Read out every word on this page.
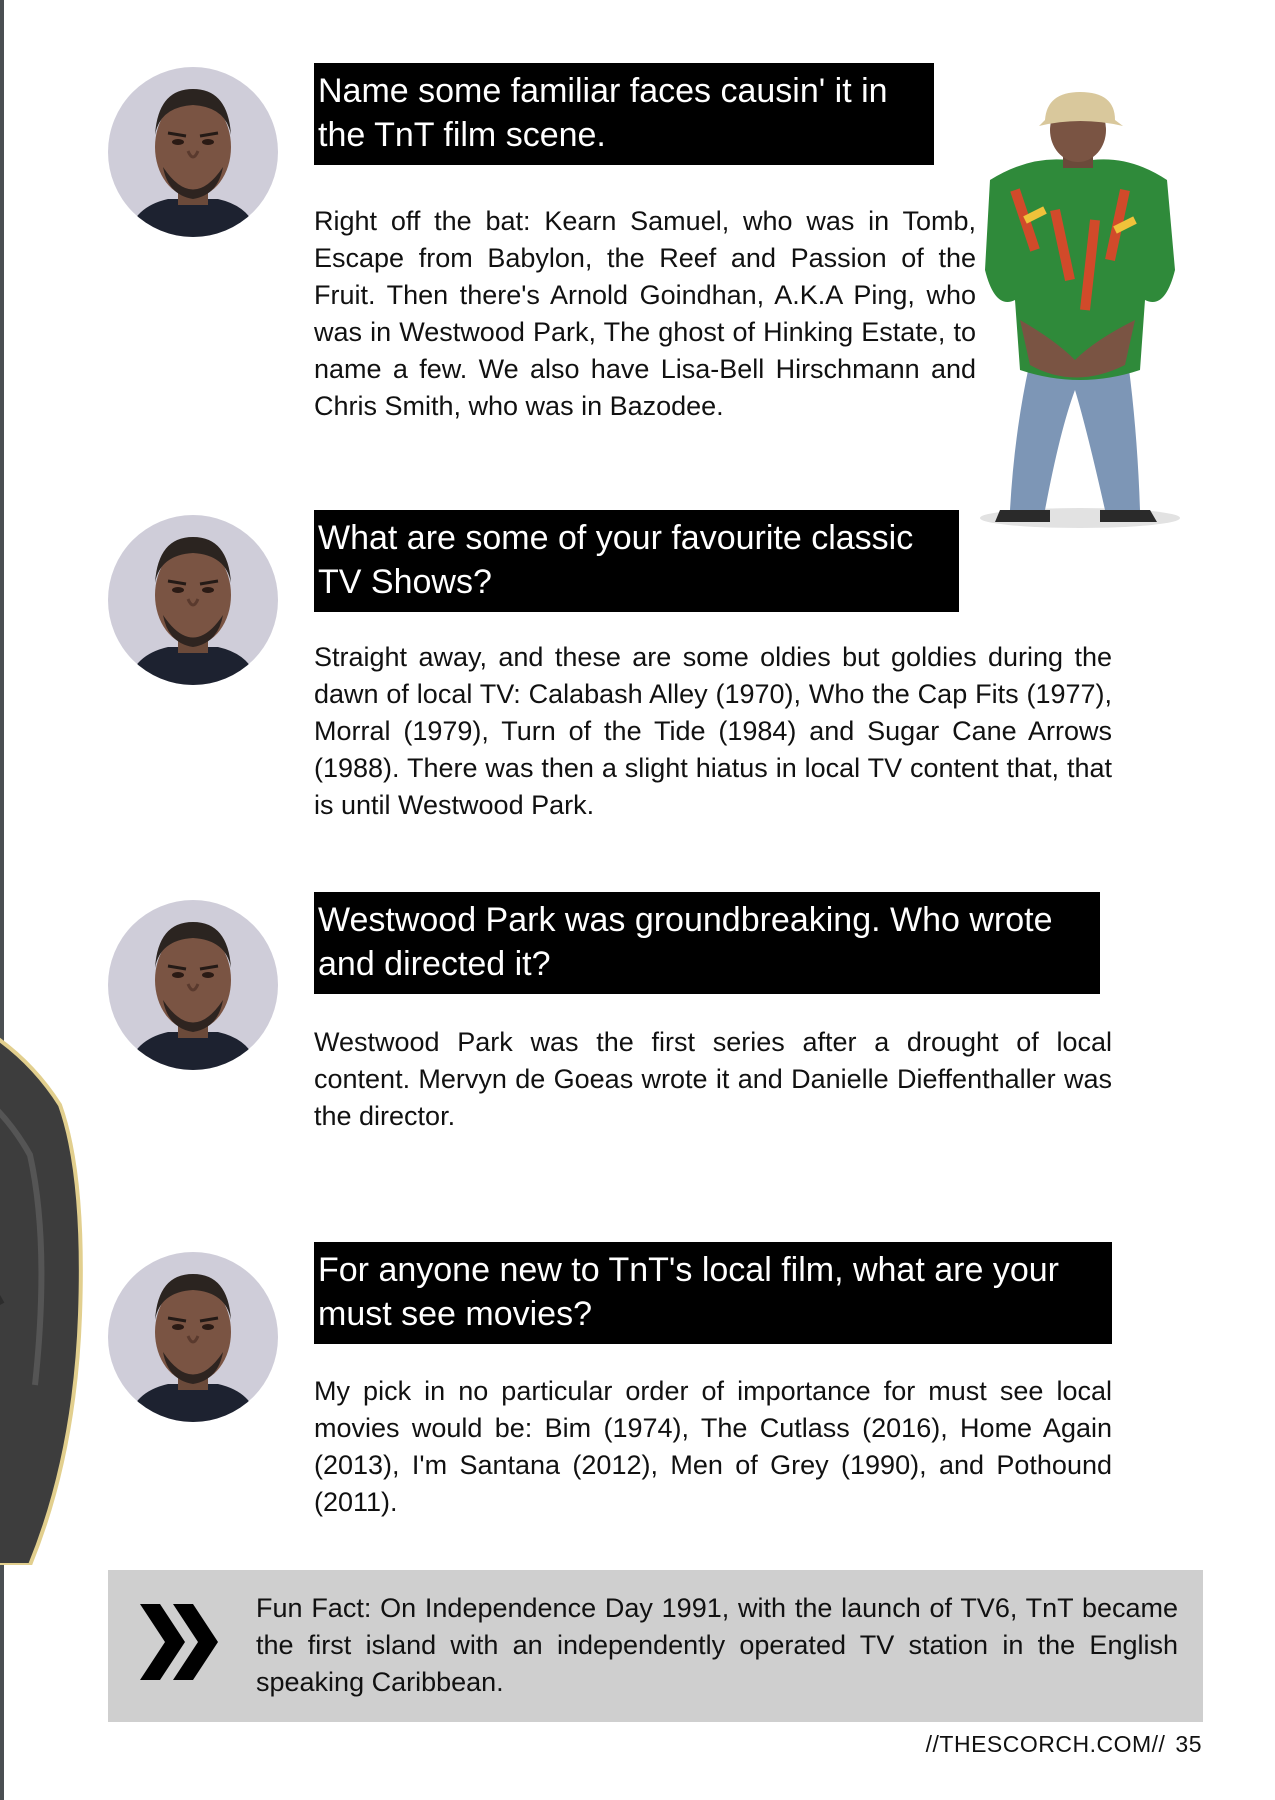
Name some familiar faces causin' it in the TnT film scene.
Right off the bat: Kearn Samuel, who was in Tomb, Escape from Babylon, the Reef and Passion of the Fruit. Then there's Arnold Goindhan, A.K.A Ping, who was in Westwood Park, The ghost of Hinking Estate, to name a few. We also have Lisa-Bell Hirschmann and Chris Smith, who was in Bazodee.
What are some of your favourite classic TV Shows?
Straight away, and these are some oldies but goldies during the dawn of local TV: Calabash Alley (1970), Who the Cap Fits (1977), Morral (1979), Turn of the Tide (1984) and Sugar Cane Arrows (1988). There was then a slight hiatus in local TV content that, that is until Westwood Park.
Westwood Park was groundbreaking. Who wrote and directed it?
Westwood Park was the first series after a drought of local content. Mervyn de Goeas wrote it and Danielle Dieffenthaller was the director.
For anyone new to TnT's local film, what are your must see movies?
My pick in no particular order of importance for must see local movies would be: Bim (1974), The Cutlass (2016), Home Again (2013), I'm Santana (2012), Men of Grey (1990), and Pothound (2011).
Fun Fact: On Independence Day 1991, with the launch of TV6, TnT became the first island with an independently operated TV station in the English speaking Caribbean.
//THESCORCH.COM// 35
